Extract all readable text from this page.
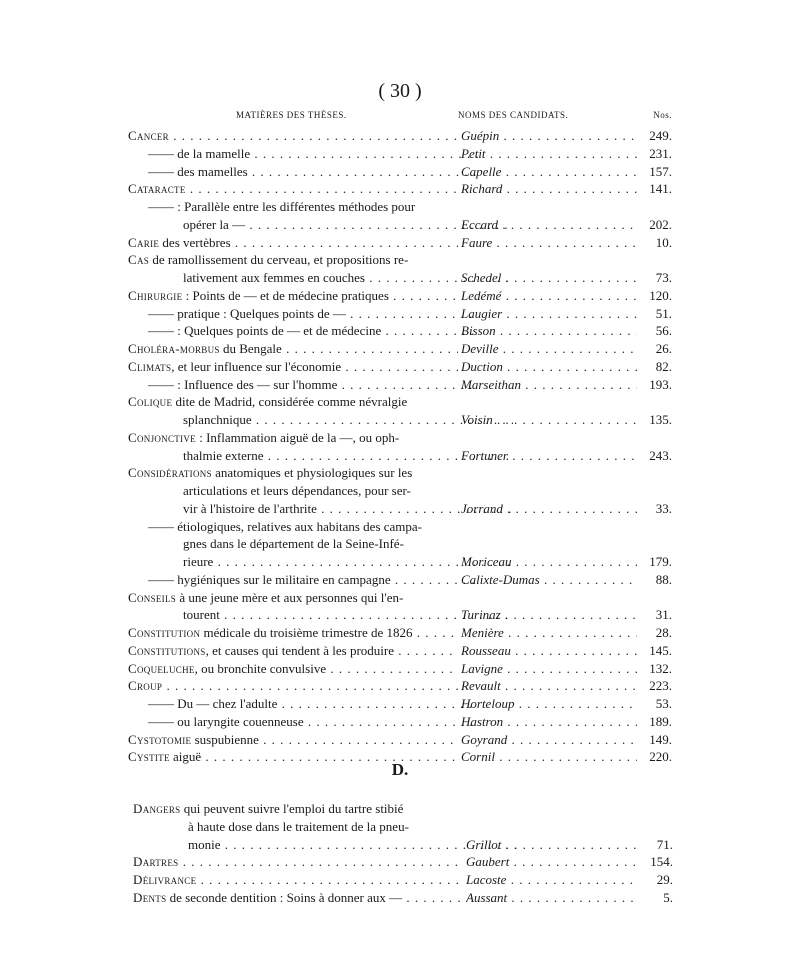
( 30 )
MATIÈRES DES THÈSES.	NOMS DES CANDIDATS.	Nos.
Cancer . . .	Guépin . . .	249.
—— de la mamelle . . .	Petit . . .	231.
—— des mamelles . . .	Capelle . . .	157.
Cataracte . . .	Richard . . .	141.
—— : Parallèle entre les différentes méthodes pour
opérer la — . . .	Eccard . . .	202.
Carie des vertèbres . . .	Faure . . .	10.
Cas de ramollissement du cerveau, et propositions re-
lativement aux femmes en couches . . .	Schedel . . .	73.
Chirurgie : Points de — et de médecine pratiques . . .	Ledémé . . .	120.
—— pratique : Quelques points de — . . .	Laugier . . .	51.
—— : Quelques points de — et de médecine . . .	Bisson . . .	56.
Choléra-morbus du Bengale . . .	Deville . . .	26.
Climats, et leur influence sur l'économie . . .	Duction . . .	82.
—— : Influence des — sur l'homme . . .	Marseithan . . .	193.
Colique dite de Madrid, considérée comme névralgie
splanchnique . . .	Voisin . . .	135.
Conjonctive : Inflammation aiguë de la —, ou oph-
thalmie externe . . .	Fortuner . . .	243.
Considérations anatomiques et physiologiques sur les
articulations et leurs dépendances, pour ser-
vir à l'histoire de l'arthrite . . .	Jorrand . . .	33.
—— étiologiques, relatives aux habitans des campa-
gnes dans le département de la Seine-Infé-
rieure . . .	Moriceau . . .	179.
—— hygiéniques sur le militaire en campagne . . .	Calixte-Dumas . . .	88.
Conseils à une jeune mère et aux personnes qui l'en-
tourent . . .	Turinaz . . .	31.
Constitution médicale du troisième trimestre de 1826 . . .	Menière . . .	28.
Constitutions, et causes qui tendent à les produire . . .	Rousseau . . .	145.
Coqueluche, ou bronchite convulsive . . .	Lavigne . . .	132.
Croup . . .	Revault . . .	223.
—— Du — chez l'adulte . . .	Horteloup . . .	53.
—— ou laryngite couenneuse . . .	Hastron . . .	189.
Cystotomie suspubienne . . .	Goyrand . . .	149.
Cystite aiguë . . .	Cornil . . .	220.
D.
Dangers qui peuvent suivre l'emploi du tartre stibié
à haute dose dans le traitement de la pneu-
monie . . .	Grillot . . .	71.
Dartres . . .	Gaubert . . .	154.
Délivrance . . .	Lacoste . . .	29.
Dents de seconde dentition : Soins à donner aux — . . .	Aussant . . .	5.
